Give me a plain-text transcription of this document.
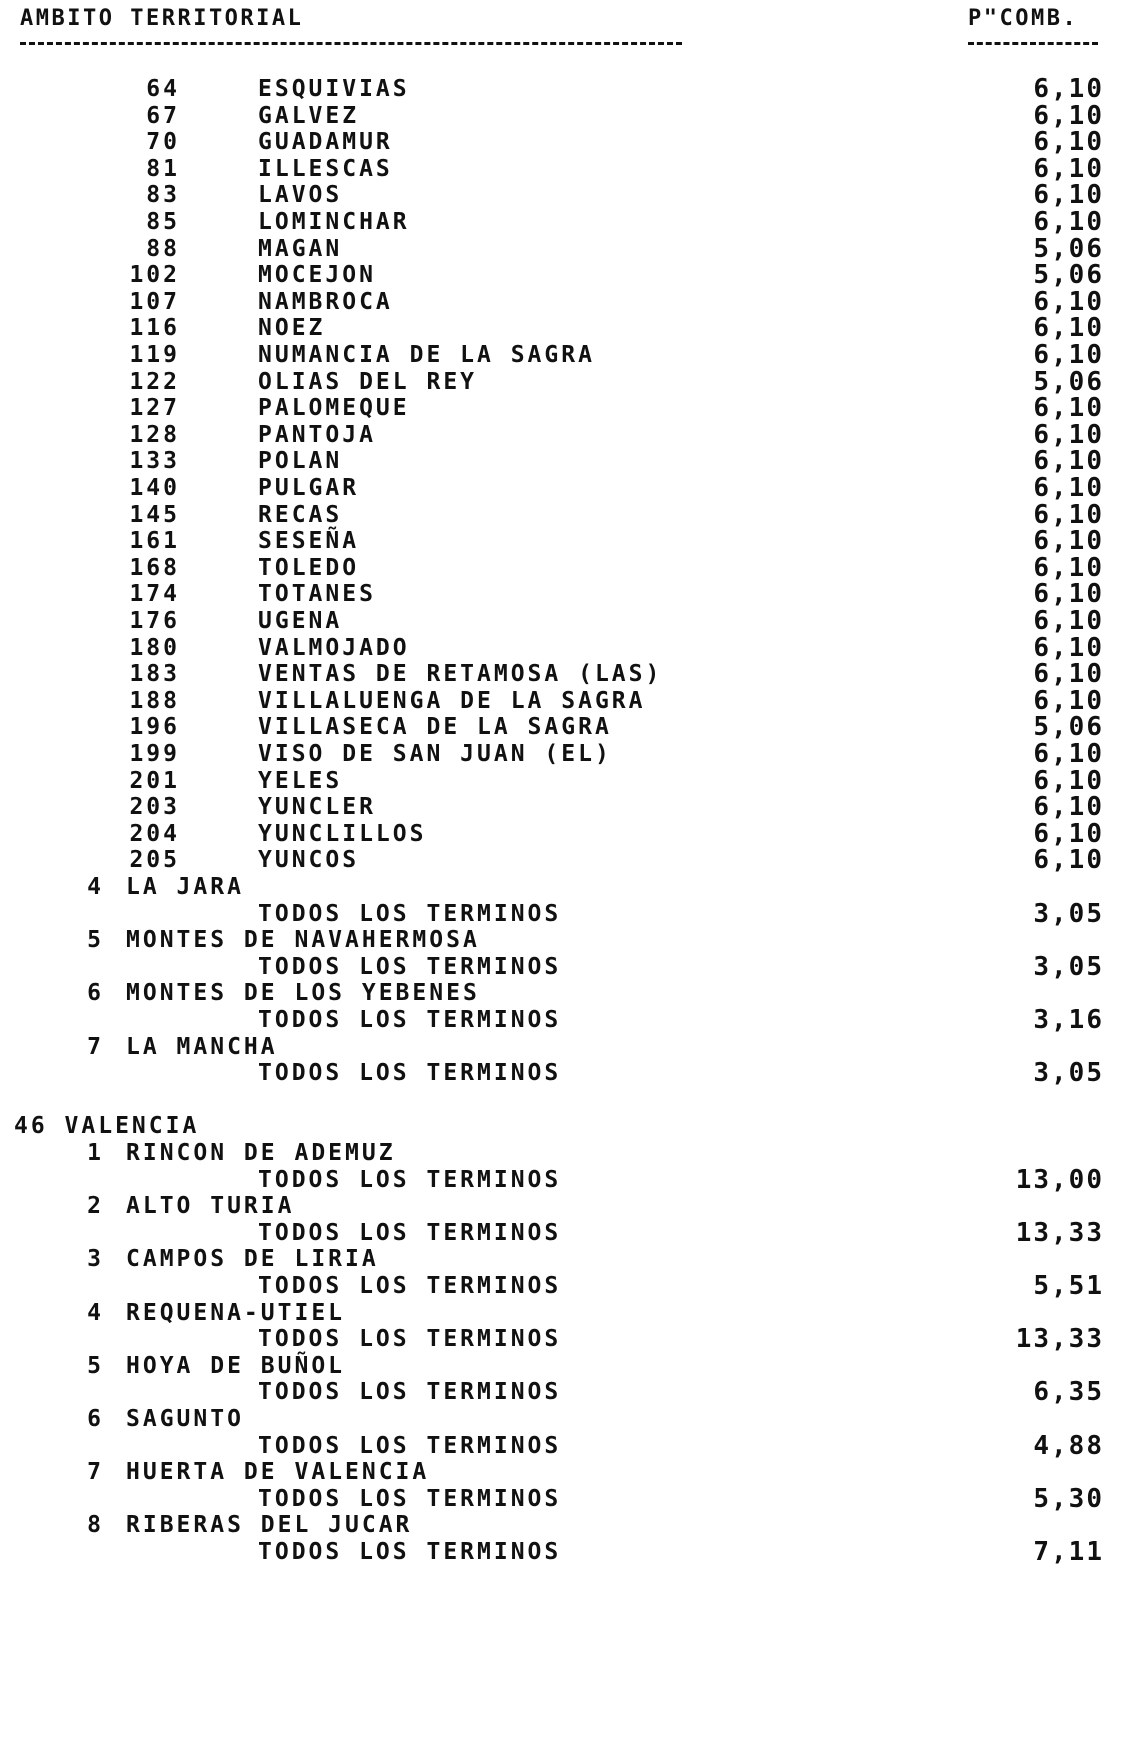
AMBITO TERRITORIAL	P"COMB.
64	ESQUIVIAS	6,10
67	GALVEZ	6,10
70	GUADAMUR	6,10
81	ILLESCAS	6,10
83	LAVOS	6,10
85	LOMINCHAR	6,10
88	MAGAN	5,06
102	MOCEJON	5,06
107	NAMBROCA	6,10
116	NOEZ	6,10
119	NUMANCIA DE LA SAGRA	6,10
122	OLIAS DEL REY	5,06
127	PALOMEQUE	6,10
128	PANTOJA	6,10
133	POLAN	6,10
140	PULGAR	6,10
145	RECAS	6,10
161	SESEÑA	6,10
168	TOLEDO	6,10
174	TOTANES	6,10
176	UGENA	6,10
180	VALMOJADO	6,10
183	VENTAS DE RETAMOSA (LAS)	6,10
188	VILLALUENGA DE LA SAGRA	6,10
196	VILLASECA DE LA SAGRA	5,06
199	VISO DE SAN JUAN (EL)	6,10
201	YELES	6,10
203	YUNCLER	6,10
204	YUNCLILLOS	6,10
205	YUNCOS	6,10
4 LA JARA
TODOS LOS TERMINOS	3,05
5 MONTES DE NAVAHERMOSA
TODOS LOS TERMINOS	3,05
6 MONTES DE LOS YEBENES
TODOS LOS TERMINOS	3,16
7 LA MANCHA
TODOS LOS TERMINOS	3,05
46 VALENCIA
1 RINCON DE ADEMUZ
TODOS LOS TERMINOS	13,00
2 ALTO TURIA
TODOS LOS TERMINOS	13,33
3 CAMPOS DE LIRIA
TODOS LOS TERMINOS	5,51
4 REQUENA-UTIEL
TODOS LOS TERMINOS	13,33
5 HOYA DE BUÑOL
TODOS LOS TERMINOS	6,35
6 SAGUNTO
TODOS LOS TERMINOS	4,88
7 HUERTA DE VALENCIA
TODOS LOS TERMINOS	5,30
8 RIBERAS DEL JUCAR
TODOS LOS TERMINOS	7,11
